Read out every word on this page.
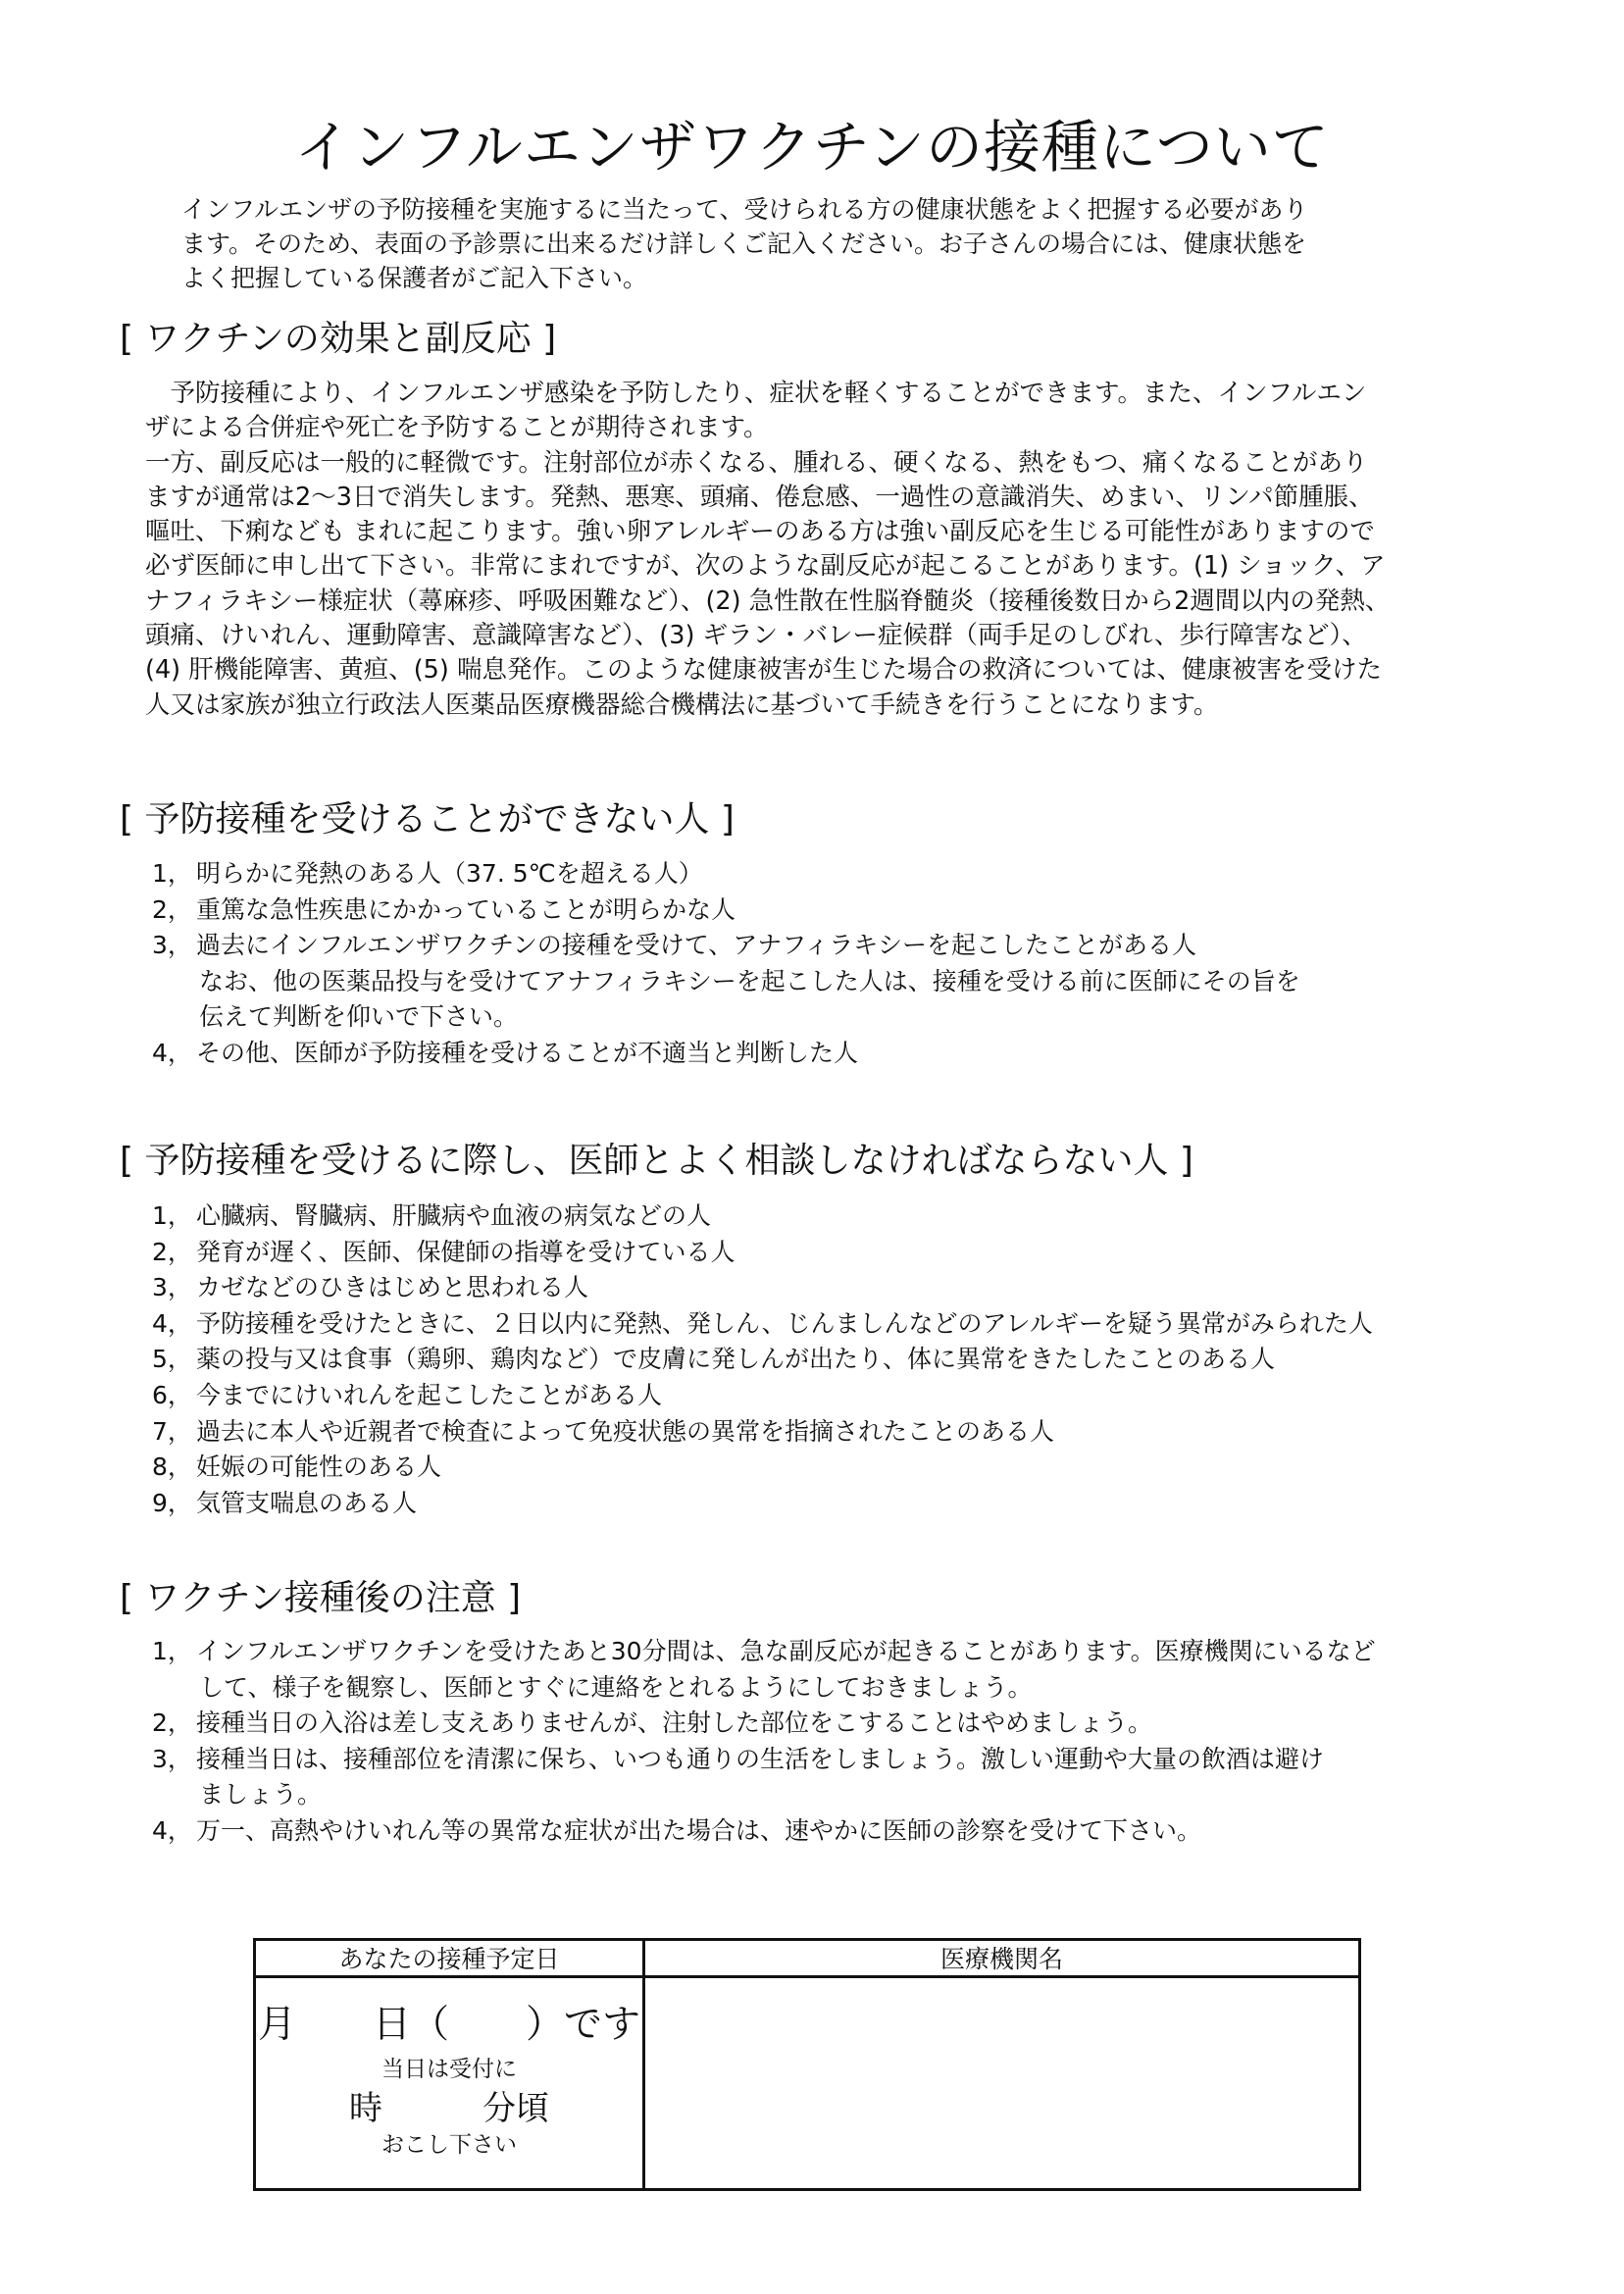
インフルエンザワクチンの接種について
インフルエンザの予防接種を実施するに当たって、受けられる方の健康状態をよく把握する必要があり
ます。そのため、表面の予診票に出来るだけ詳しくご記入ください。お子さんの場合には、健康状態を
よく把握している保護者がご記入下さい。
[ ワクチンの効果と副反応 ]
　予防接種により、インフルエンザ感染を予防したり、症状を軽くすることができます。また、インフルエン
ザによる合併症や死亡を予防することが期待されます。
一方、副反応は一般的に軽微です。注射部位が赤くなる、腫れる、硬くなる、熱をもつ、痛くなることがあり
ますが通常は2～3日で消失します。発熱、悪寒、頭痛、倦怠感、一過性の意識消失、めまい、リンパ節腫脹、
嘔吐、下痢なども まれに起こります。強い卵アレルギーのある方は強い副反応を生じる可能性がありますので
必ず医師に申し出て下さい。非常にまれですが、次のような副反応が起こることがあります。(1) ショック、ア
ナフィラキシー様症状（蕁麻疹、呼吸困難など）、(2) 急性散在性脳脊髄炎（接種後数日から2週間以内の発熱、
頭痛、けいれん、運動障害、意識障害など）、(3) ギラン・バレー症候群（両手足のしびれ、歩行障害など）、
(4) 肝機能障害、黄疸、(5) 喘息発作。このような健康被害が生じた場合の救済については、健康被害を受けた
人又は家族が独立行政法人医薬品医療機器総合機構法に基づいて手続きを行うことになります。
[ 予防接種を受けることができない人 ]
1， 明らかに発熱のある人（37. 5℃を超える人）
2， 重篤な急性疾患にかかっていることが明らかな人
3， 過去にインフルエンザワクチンの接種を受けて、アナフィラキシーを起こしたことがある人
なお、他の医薬品投与を受けてアナフィラキシーを起こした人は、接種を受ける前に医師にその旨を
伝えて判断を仰いで下さい。
4， その他、医師が予防接種を受けることが不適当と判断した人
[ 予防接種を受けるに際し、医師とよく相談しなければならない人 ]
1， 心臓病、腎臓病、肝臓病や血液の病気などの人
2， 発育が遅く、医師、保健師の指導を受けている人
3， カゼなどのひきはじめと思われる人
4， 予防接種を受けたときに、２日以内に発熱、発しん、じんましんなどのアレルギーを疑う異常がみられた人
5， 薬の投与又は食事（鶏卵、鶏肉など）で皮膚に発しんが出たり、体に異常をきたしたことのある人
6， 今までにけいれんを起こしたことがある人
7， 過去に本人や近親者で検査によって免疫状態の異常を指摘されたことのある人
8， 妊娠の可能性のある人
9， 気管支喘息のある人
[ ワクチン接種後の注意 ]
1， インフルエンザワクチンを受けたあと30分間は、急な副反応が起きることがあります。医療機関にいるなど
して、様子を観察し、医師とすぐに連絡をとれるようにしておきましょう。
2， 接種当日の入浴は差し支えありませんが、注射した部位をこすることはやめましょう。
3， 接種当日は、接種部位を清潔に保ち、いつも通りの生活をしましょう。激しい運動や大量の飲酒は避け
ましょう。
4， 万一、高熱やけいれん等の異常な症状が出た場合は、速やかに医師の診察を受けて下さい。
あなたの接種予定日	医療機関名
月　　日（　　）です
当日は受付に
時　　　分頃
おこし下さい
